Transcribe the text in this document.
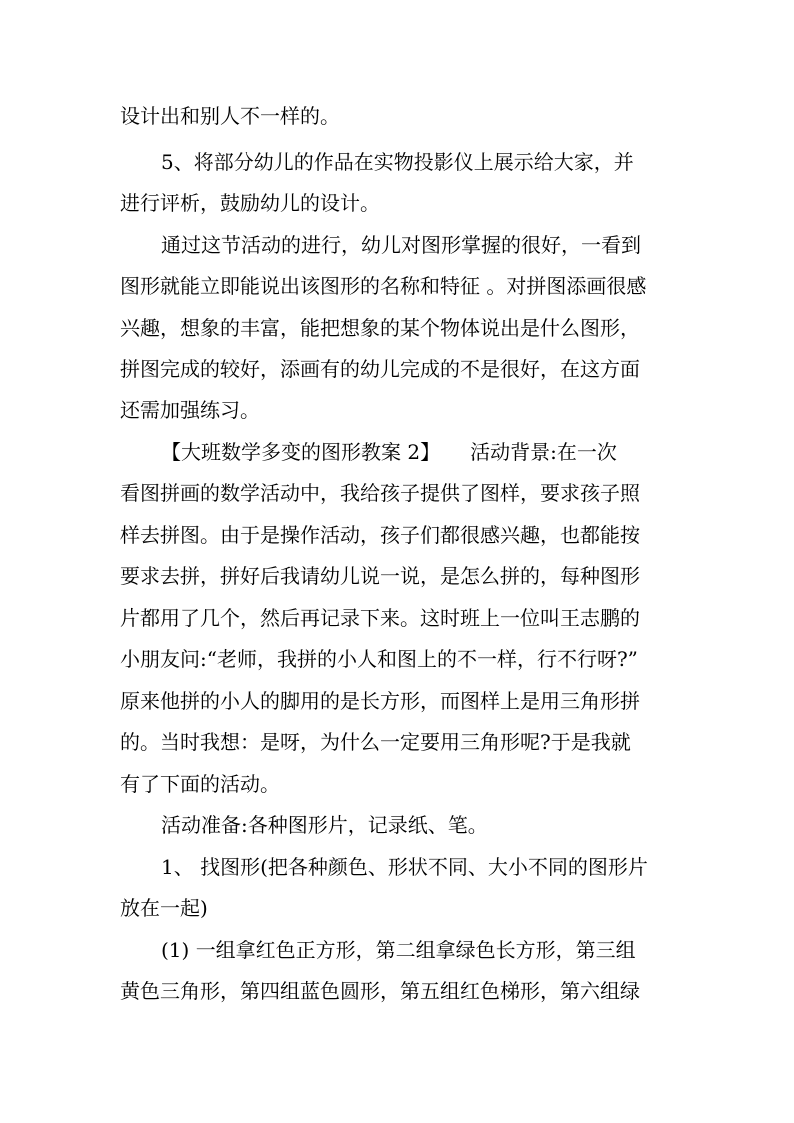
设计出和别人不一样的。
5、将部分幼儿的作品在实物投影仪上展示给大家，并
进行评析，鼓励幼儿的设计。
通过这节活动的进行，幼儿对图形掌握的很好，一看到
图形就能立即能说出该图形的名称和特征 。对拼图添画很感
兴趣，想象的丰富，能把想象的某个物体说出是什么图形，
拼图完成的较好，添画有的幼儿完成的不是很好，在这方面
还需加强练习。
【大班数学多变的图形教案 2】　　活动背景:在一次
看图拼画的数学活动中，我给孩子提供了图样，要求孩子照
样去拼图。由于是操作活动，孩子们都很感兴趣，也都能按
要求去拼，拼好后我请幼儿说一说，是怎么拼的，每种图形
片都用了几个，然后再记录下来。这时班上一位叫王志鹏的
小朋友问:“老师，我拼的小人和图上的不一样，行不行呀?”
原来他拼的小人的脚用的是长方形，而图样上是用三角形拼
的。当时我想：是呀，为什么一定要用三角形呢?于是我就
有了下面的活动。
活动准备:各种图形片，记录纸、笔。
1、 找图形(把各种颜色、形状不同、大小不同的图形片
放在一起)
(1) 一组拿红色正方形，第二组拿绿色长方形，第三组
黄色三角形，第四组蓝色圆形，第五组红色梯形，第六组绿
